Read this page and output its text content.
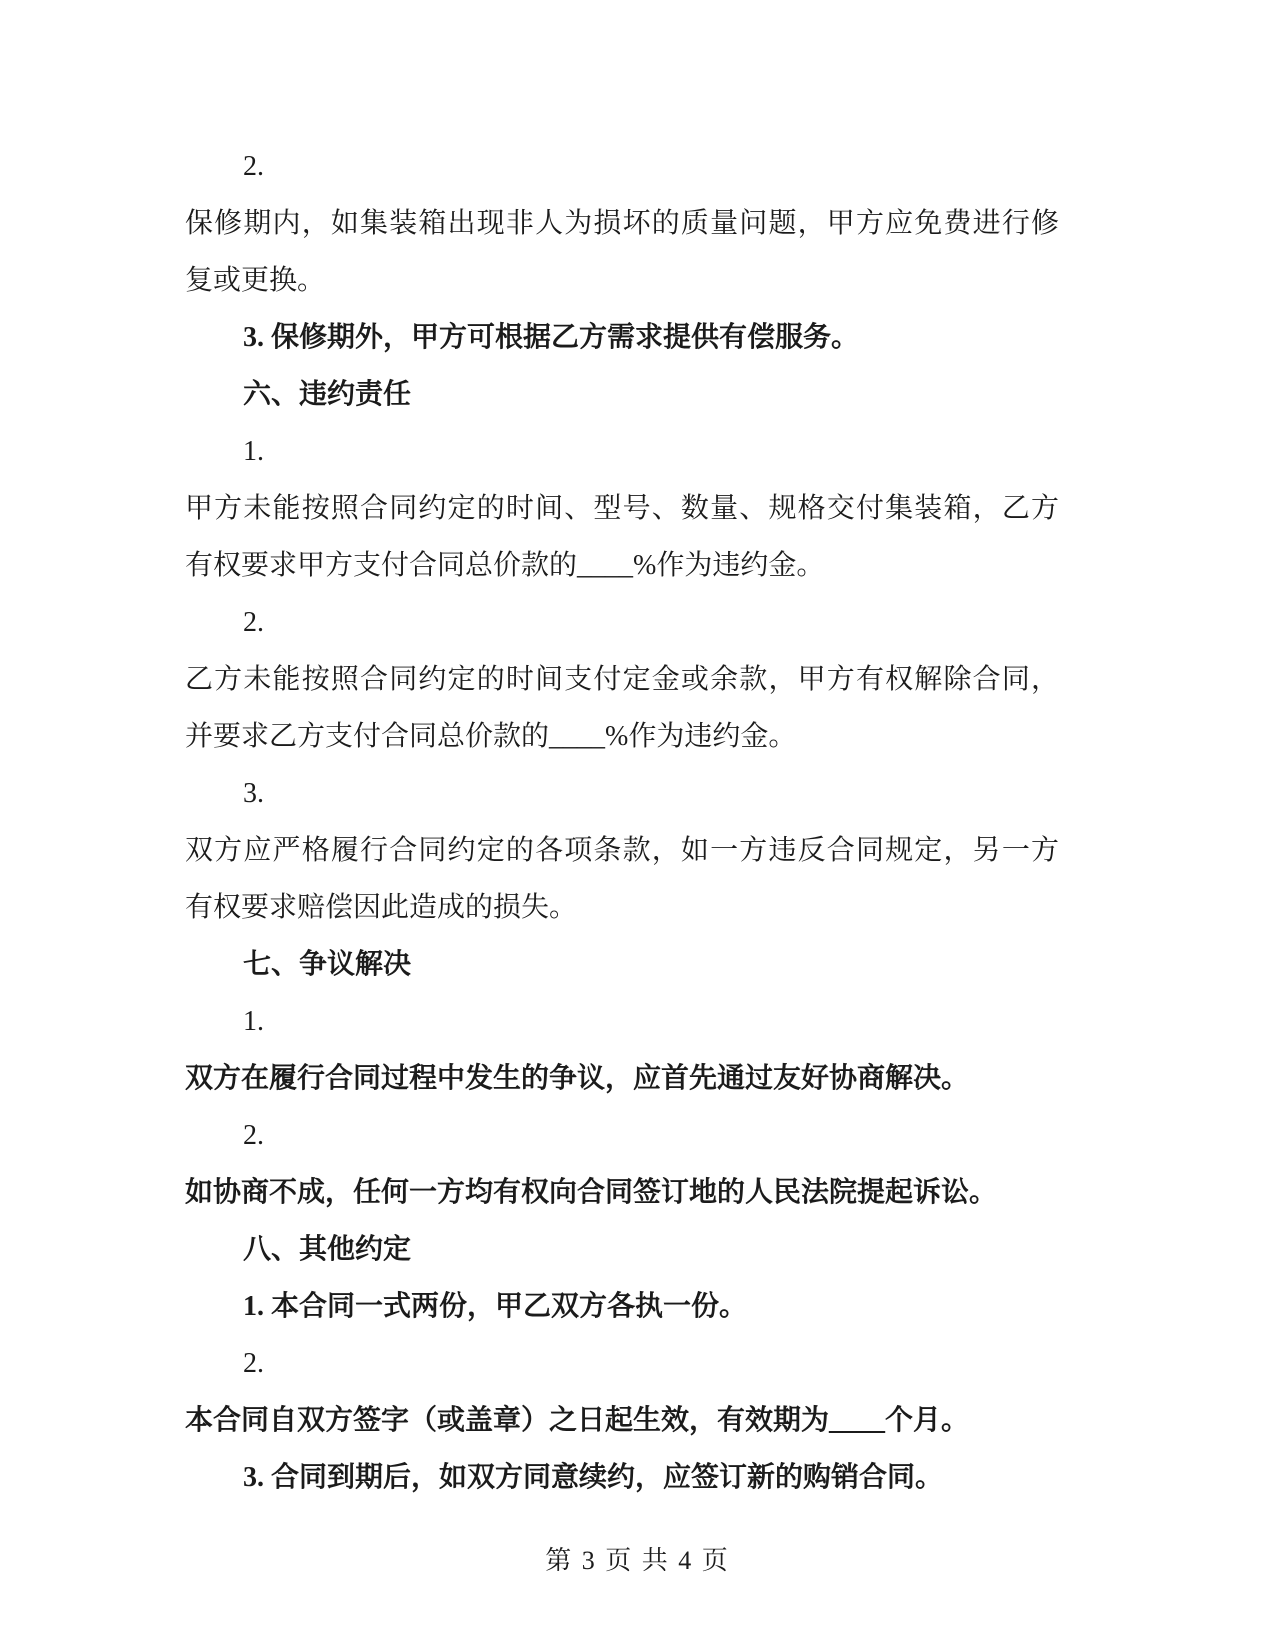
2.
保修期内，如集装箱出现非人为损坏的质量问题，甲方应免费进行修
复或更换。
3. 保修期外，甲方可根据乙方需求提供有偿服务。
六、违约责任
1.
甲方未能按照合同约定的时间、型号、数量、规格交付集装箱，乙方
有权要求甲方支付合同总价款的____%作为违约金。
2.
乙方未能按照合同约定的时间支付定金或余款，甲方有权解除合同，
并要求乙方支付合同总价款的____%作为违约金。
3.
双方应严格履行合同约定的各项条款，如一方违反合同规定，另一方
有权要求赔偿因此造成的损失。
七、争议解决
1.
双方在履行合同过程中发生的争议，应首先通过友好协商解决。
2.
如协商不成，任何一方均有权向合同签订地的人民法院提起诉讼。
八、其他约定
1. 本合同一式两份，甲乙双方各执一份。
2.
本合同自双方签字（或盖章）之日起生效，有效期为____个月。
3. 合同到期后，如双方同意续约，应签订新的购销合同。
第 3 页 共 4 页
